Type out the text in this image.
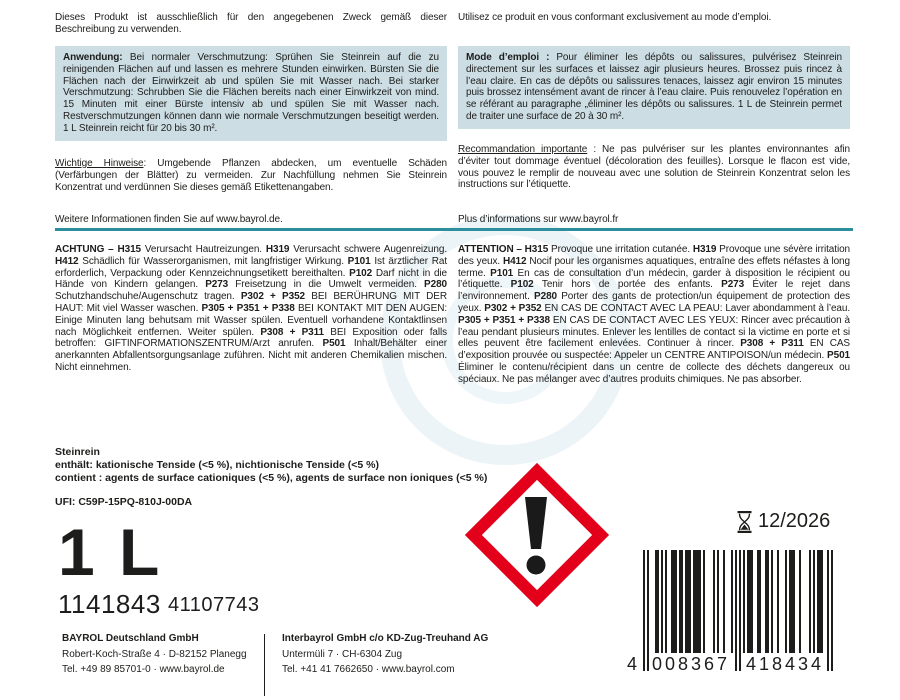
Dieses Produkt ist ausschließlich für den angegebenen Zweck gemäß dieser Beschreibung zu verwenden.
Anwendung: Bei normaler Verschmutzung: Sprühen Sie Steinrein auf die zu reinigenden Flächen auf und lassen es mehrere Stunden einwirken. Bürsten Sie die Flächen nach der Einwirkzeit ab und spülen Sie mit Wasser nach. Bei starker Verschmutzung: Schrubben Sie die Flächen bereits nach einer Einwirkzeit von mind. 15 Minuten mit einer Bürste intensiv ab und spülen Sie mit Wasser nach. Restverschmutzungen können dann wie normale Verschmutzungen beseitigt werden. 1 L Steinrein reicht für 20 bis 30 m².
Wichtige Hinweise: Umgebende Pflanzen abdecken, um eventuelle Schäden (Verfärbungen der Blätter) zu vermeiden. Zur Nachfüllung nehmen Sie Steinrein Konzentrat und verdünnen Sie dieses gemäß Etikettenangaben.
Weitere Informationen finden Sie auf www.bayrol.de.
Utilisez ce produit en vous conformant exclusivement au mode d’emploi.
Mode d’emploi : Pour éliminer les dépôts ou salissures, pulvérisez Steinrein directement sur les surfaces et laissez agir plusieurs heures. Brossez puis rincez à l’eau claire. En cas de dépôts ou salissures tenaces, laissez agir environ 15 minutes puis brossez intensément avant de rincer à l’eau claire. Puis renouvelez l’opération en se référant au paragraphe „éliminer les dépôts ou salissures. 1 L de Steinrein permet de traiter une surface de 20 à 30 m².
Recommandation importante : Ne pas pulvériser sur les plantes environnantes afin d’éviter tout dommage éventuel (décoloration des feuilles). Lorsque le flacon est vide, vous pouvez le remplir de nouveau avec une solution de Steinrein Konzentrat selon les instructions sur l’étiquette.
Plus d’informations sur www.bayrol.fr
ACHTUNG – H315 Verursacht Hautreizungen. H319 Verursacht schwere Augenreizung. H412 Schädlich für Wasserorganismen, mit langfristiger Wirkung. P101 Ist ärztlicher Rat erforderlich, Verpackung oder Kennzeichnungsetikett bereithalten. P102 Darf nicht in die Hände von Kindern gelangen. P273 Freisetzung in die Umwelt vermeiden. P280 Schutzhandschuhe/Augenschutz tragen. P302 + P352 BEI BERÜHRUNG MIT DER HAUT: Mit viel Wasser waschen. P305 + P351 + P338 BEI KONTAKT MIT DEN AUGEN: Einige Minuten lang behutsam mit Wasser spülen. Eventuell vorhandene Kontaktlinsen nach Möglichkeit entfernen. Weiter spülen. P308 + P311 BEI Exposition oder falls betroffen: GIFTINFORMATIONSZENTRUM/Arzt anrufen. P501 Inhalt/Behälter einer anerkannten Abfallentsorgungsanlage zuführen. Nicht mit anderen Chemikalien mischen. Nicht einnehmen.
ATTENTION – H315 Provoque une irritation cutanée. H319 Provoque une sévère irritation des yeux. H412 Nocif pour les organismes aquatiques, entraîne des effets néfastes à long terme. P101 En cas de consultation d’un médecin, garder à disposition le récipient ou l’étiquette. P102 Tenir hors de portée des enfants. P273 Éviter le rejet dans l’environnement. P280 Porter des gants de protection/un équipement de protection des yeux. P302 + P352 EN CAS DE CONTACT AVEC LA PEAU: Laver abondamment à l’eau. P305 + P351 + P338 EN CAS DE CONTACT AVEC LES YEUX: Rincer avec précaution à l’eau pendant plusieurs minutes. Enlever les lentilles de contact si la victime en porte et si elles peuvent être facilement enlevées. Continuer à rincer. P308 + P311 EN CAS d’exposition prouvée ou suspectée: Appeler un CENTRE ANTIPOISON/un médecin. P501 Éliminer le contenu/récipient dans un centre de collecte des déchets dangereux ou spéciaux. Ne pas mélanger avec d’autres produits chimiques. Ne pas absorber.
Steinrein
enthält: kationische Tenside (<5 %), nichtionische Tenside (<5 %)
contient : agents de surface cationiques (<5 %), agents de surface non ioniques (<5 %)
UFI: C59P-15PQ-810J-00DA
1 L
1141843 41107743
12/2026
4 008367 418434
BAYROL Deutschland GmbH
Robert-Koch-Straße 4 · D-82152 Planegg
Tel. +49 89 85701-0 · www.bayrol.de
Interbayrol GmbH c/o KD-Zug-Treuhand AG
Untermüli 7 · CH-6304 Zug
Tel. +41 41 7662650 · www.bayrol.com
